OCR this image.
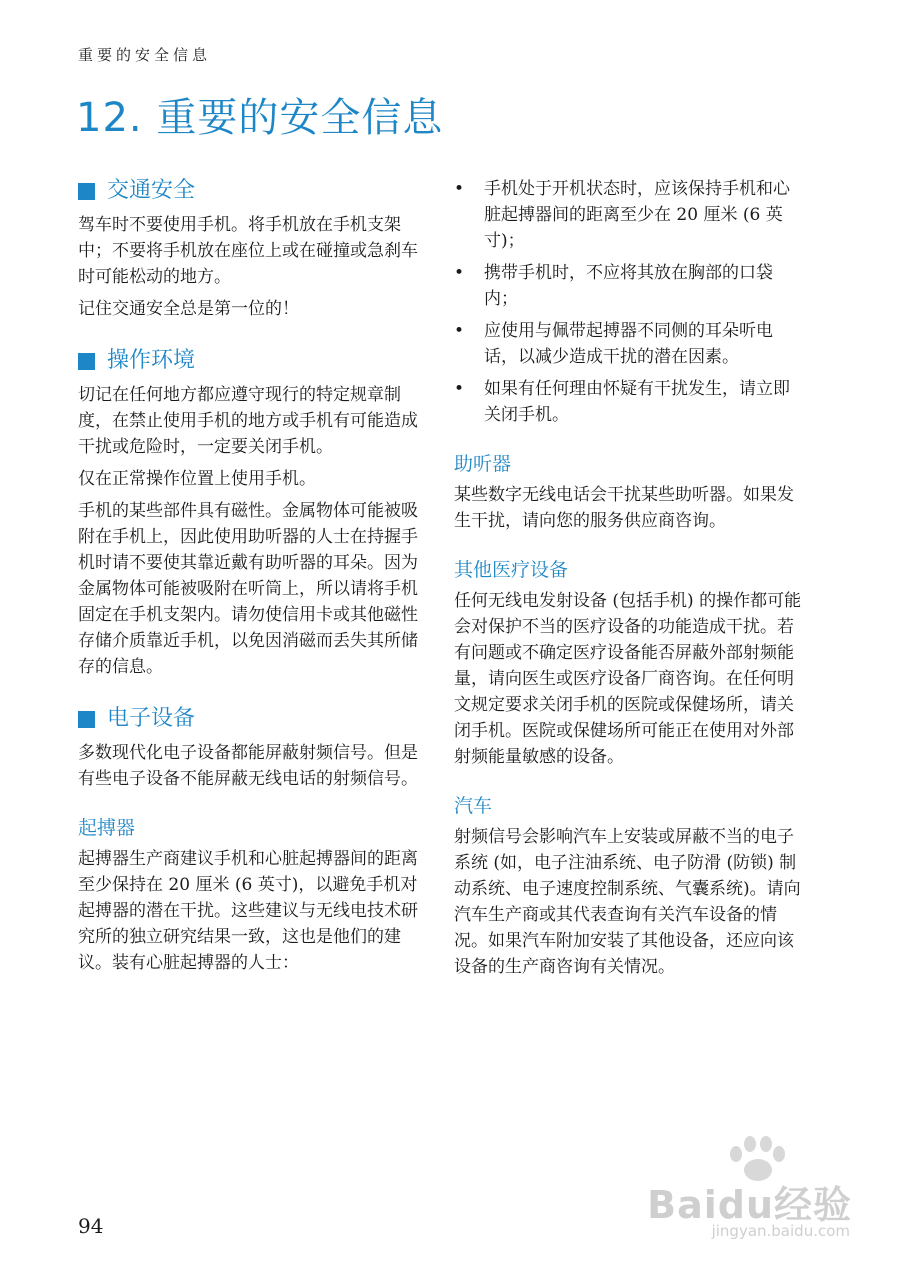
重要的安全信息
12. 重要的安全信息
交通安全

驾车时不要使用手机。将手机放在手机支架中；不要将手机放在座位上或在碰撞或急刹车时可能松动的地方。

记住交通安全总是第一位的！

操作环境

切记在任何地方都应遵守现行的特定规章制度，在禁止使用手机的地方或手机有可能造成干扰或危险时，一定要关闭手机。

仅在正常操作位置上使用手机。

手机的某些部件具有磁性。金属物体可能被吸附在手机上，因此使用助听器的人士在持握手机时请不要使其靠近戴有助听器的耳朵。因为金属物体可能被吸附在听筒上，所以请将手机固定在手机支架内。请勿使信用卡或其他磁性存储介质靠近手机，以免因消磁而丢失其所储存的信息。

电子设备

多数现代化电子设备都能屏蔽射频信号。但是有些电子设备不能屏蔽无线电话的射频信号。

起搏器

起搏器生产商建议手机和心脏起搏器间的距离至少保持在 20 厘米 (6 英寸)，以避免手机对起搏器的潜在干扰。这些建议与无线电技术研究所的独立研究结果一致，这也是他们的建议。装有心脏起搏器的人士：

• 手机处于开机状态时，应该保持手机和心脏起搏器间的距离至少在 20 厘米 (6 英寸)；
• 携带手机时，不应将其放在胸部的口袋内；
• 应使用与佩带起搏器不同侧的耳朵听电话，以减少造成干扰的潜在因素。
• 如果有任何理由怀疑有干扰发生，请立即关闭手机。
助听器

某些数字无线电话会干扰某些助听器。如果发生干扰，请向您的服务供应商咨询。

其他医疗设备

任何无线电发射设备 (包括手机) 的操作都可能会对保护不当的医疗设备的功能造成干扰。若有问题或不确定医疗设备能否屏蔽外部射频能量，请向医生或医疗设备厂商咨询。在任何明文规定要求关闭手机的医院或保健场所，请关闭手机。医院或保健场所可能正在使用对外部射频能量敏感的设备。

汽车

射频信号会影响汽车上安装或屏蔽不当的电子系统 (如，电子注油系统、电子防滑 (防锁) 制动系统、电子速度控制系统、气囊系统)。请向汽车生产商或其代表查询有关汽车设备的情况。如果汽车附加安装了其他设备，还应向该设备的生产商咨询有关情况。

94	Baidu经验
jingyan.baidu.com
